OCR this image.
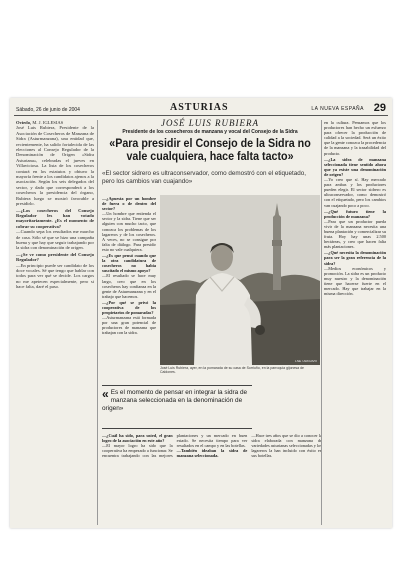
Sábado, 26 de junio de 2004	ASTURIAS	LA NUEVA ESPAÑA 29
Oviedo, M. J. IGLESIAS

José Luis Rubiera, Presidente de la Asociación de Cosecheros de Manzana de Sidra (Asturmanzana), una entidad que, recientemente, ha salido fortalecida de las elecciones al Consejo Regulador de la Denominación de Origen «Sidra Asturiana», celebradas el jueves en Villaviciosa. La lista de los cosecheros contará en los estatutos y obtuvo la mayoría frente a los candidatos ajenos a la asociación. Según los seis delegados del sector, y dado que corresponderá a los cosecheros la presidencia del órgano, Rubiera luego se mostró favorable a presidirlo.

—¿Los cosecheros del Consejo Regulador les han votado mayoritariamente. ¿Es el momento de cobrar su cooperativa?

—Cuando sepa los resultados me marcho de casa. Sólo sé que se hizo una campaña buena y que hay que seguir trabajando por la sidra con denominación de origen.

—¿Se ve como presidente del Consejo Regulador?

—En principio puede ser candidato de los doce vocales. Sé que tengo que hablar con todos para ver qué se decide. Los cargos no me apetecen especialmente, pero si hace falta, daré el paso.

JOSÉ LUIS RUBIERA
Presidente de los cosecheros de manzana y vocal del Consejo de la Sidra
«Para presidir el Consejo de la Sidra no vale cualquiera, hace falta tacto»
«El sector sidrero es ultraconservador, como demostró con el etiquetado, pero los cambios van cuajando»
—¿Apuesta por un hombre de fuera o de dentro del sector?

—Un hombre que entienda el sector y la sidra. Tiene que ser alguien con mucho tacto, que conozca los problemas de los lagareros y de los cosecheros. A veces, no se consigue por falta de diálogo. Para presidir esto no vale cualquiera.

—¿Es que pensó cuando que la otra candidatura de cosecheros no había suscitado el mismo apoyo?

—El resultado se hace muy largo, creo que en los cosecheros hay confianza en la gente de Asturmanzana y en el trabajo que hacemos.

—¿Por qué se privó la cooperativa de los propietarios de pomaradas?

—Asturmanzana está formada por una gran potencial de productores de manzana que trabajan con la sidra.

LNE / ARCHIVO
José Luis Rubiera, ayer, en la pomarada de su casa de Sorriuño, en la parroquia gijonesa de Caldones.
« Es el momento de pensar en integrar la sidra de manzana seleccionada en la denominación de origen»

—¿Cuál ha sido, para usted, el gran logro de la asociación en este año?

—El mayor logro ha sido que la cooperativa ha empezado a funcionar. Se encuentra trabajando con las mejores plantaciones y un mercado en buen estado. Se necesita tiempo para ver resultados en el campo y en las botellas.

—También ideaban la sidra de manzana seleccionada.

—Hace tres años que se dio a conocer la sidra elaborada con manzana de variedades asturianas seleccionadas y los lagareros la han incluido con éxito en sus botellas.

en la cultura. Pensamos que los productores han hecho un esfuerzo para ofrecer la producción de calidad a la sociedad. Será un éxito que la gente conozca la procedencia de la manzana y la trazabilidad del producto.

—¿La sidra de manzana seleccionada tiene sentido ahora que ya existe una denominación de origen?

—Yo creo que sí. Hay mercado para ambas y los productores pueden elegir. El sector sidrero es ultraconservador, como demostró con el etiquetado, pero los cambios van cuajando poco a poco.

—¿Qué futuro tiene la producción de manzana?

—Para que un productor pueda vivir de la manzana necesita una buena plantación y comercializar su fruta. Hoy hay unas 2.500 hectáreas, y creo que hacen falta más plantaciones.

—¿Qué necesita la denominación para ser la gran referencia de la sidra?

—Medios económicos y promoción. La sidra es un producto muy nuestro y la denominación tiene que hacerse fuerte en el mercado. Hay que trabajar en la misma dirección.
